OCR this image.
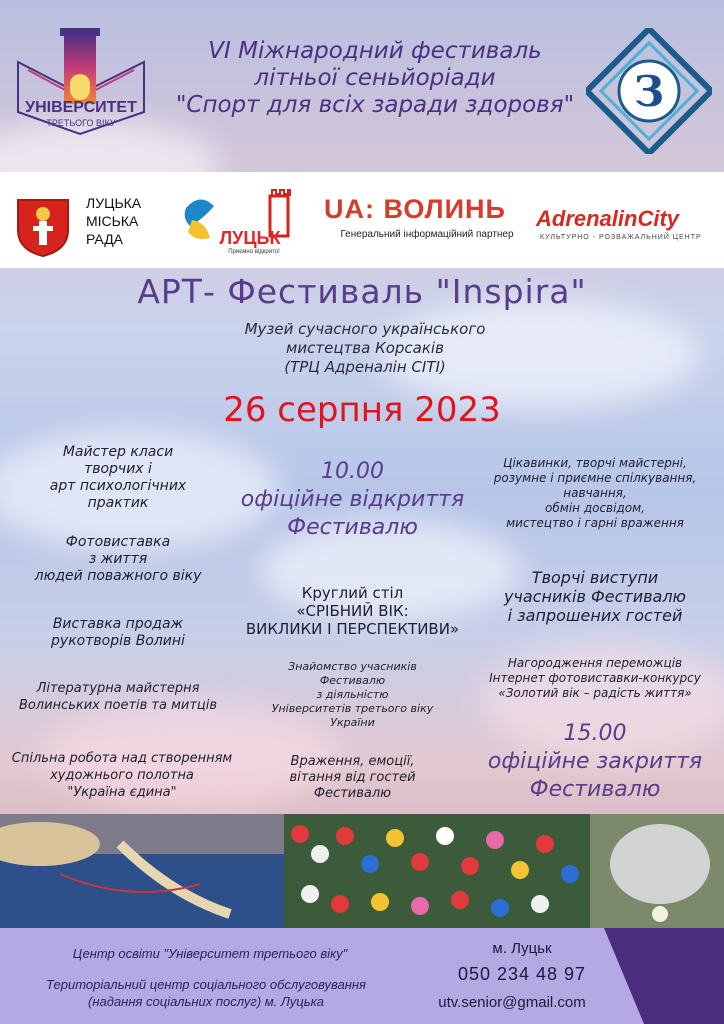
УНІВЕРСИТЕТ
ТРЕТЬОГО ВІКУ
VI Міжнародний фестиваль
літньої сеньйоріади
"Спорт для всіх заради здоровя"	З
ЛУЦЬКА
МІСЬКА
РАДА	ЛУЦЬК
Приємно відкрито!
UA: ВОЛИНЬ
Генеральний інформаційний партнер
AdrenalinCity
КУЛЬТУРНО - РОЗВАЖАЛЬНИЙ ЦЕНТР
АРТ- Фестиваль "Inspira"
Музей сучасного українського
мистецтва Корсаків
(ТРЦ Адреналін СІТІ)
26 серпня 2023
Майстер класи
творчих і
арт психологічних
практик
Фотовиставка
з життя
людей поважного віку
Виставка продаж
рукотворів Волині
Літературна майстерня
Волинських поетів та митців
Спільна робота над створенням
художнього полотна
"Україна єдина"
10.00
офіційне відкриття
Фестивалю
Круглий стіл
«СРІБНИЙ ВІК:
ВИКЛИКИ І ПЕРСПЕКТИВИ»
Знайомство учасників
Фестивалю
з діяльністю
Університетів третього віку
України
Враження, емоції,
вітання від гостей
Фестивалю
Цікавинки, творчі майстерні,
розумне і приємне спілкування,
навчання,
обмін досвідом,
мистецтво і гарні враження
Творчі виступи
учасників Фестивалю
і запрошених гостей
Нагородження переможців
Інтернет фотовиставки-конкурсу
«Золотий вік – радість життя»
15.00
офіційне закриття
Фестивалю
Центр освіти "Університет третього віку"
Територіальний центр соціального обслуговування
(надання соціальних послуг) м. Луцька
м. Луцьк
050 234 48 97
utv.senior@gmail.com
